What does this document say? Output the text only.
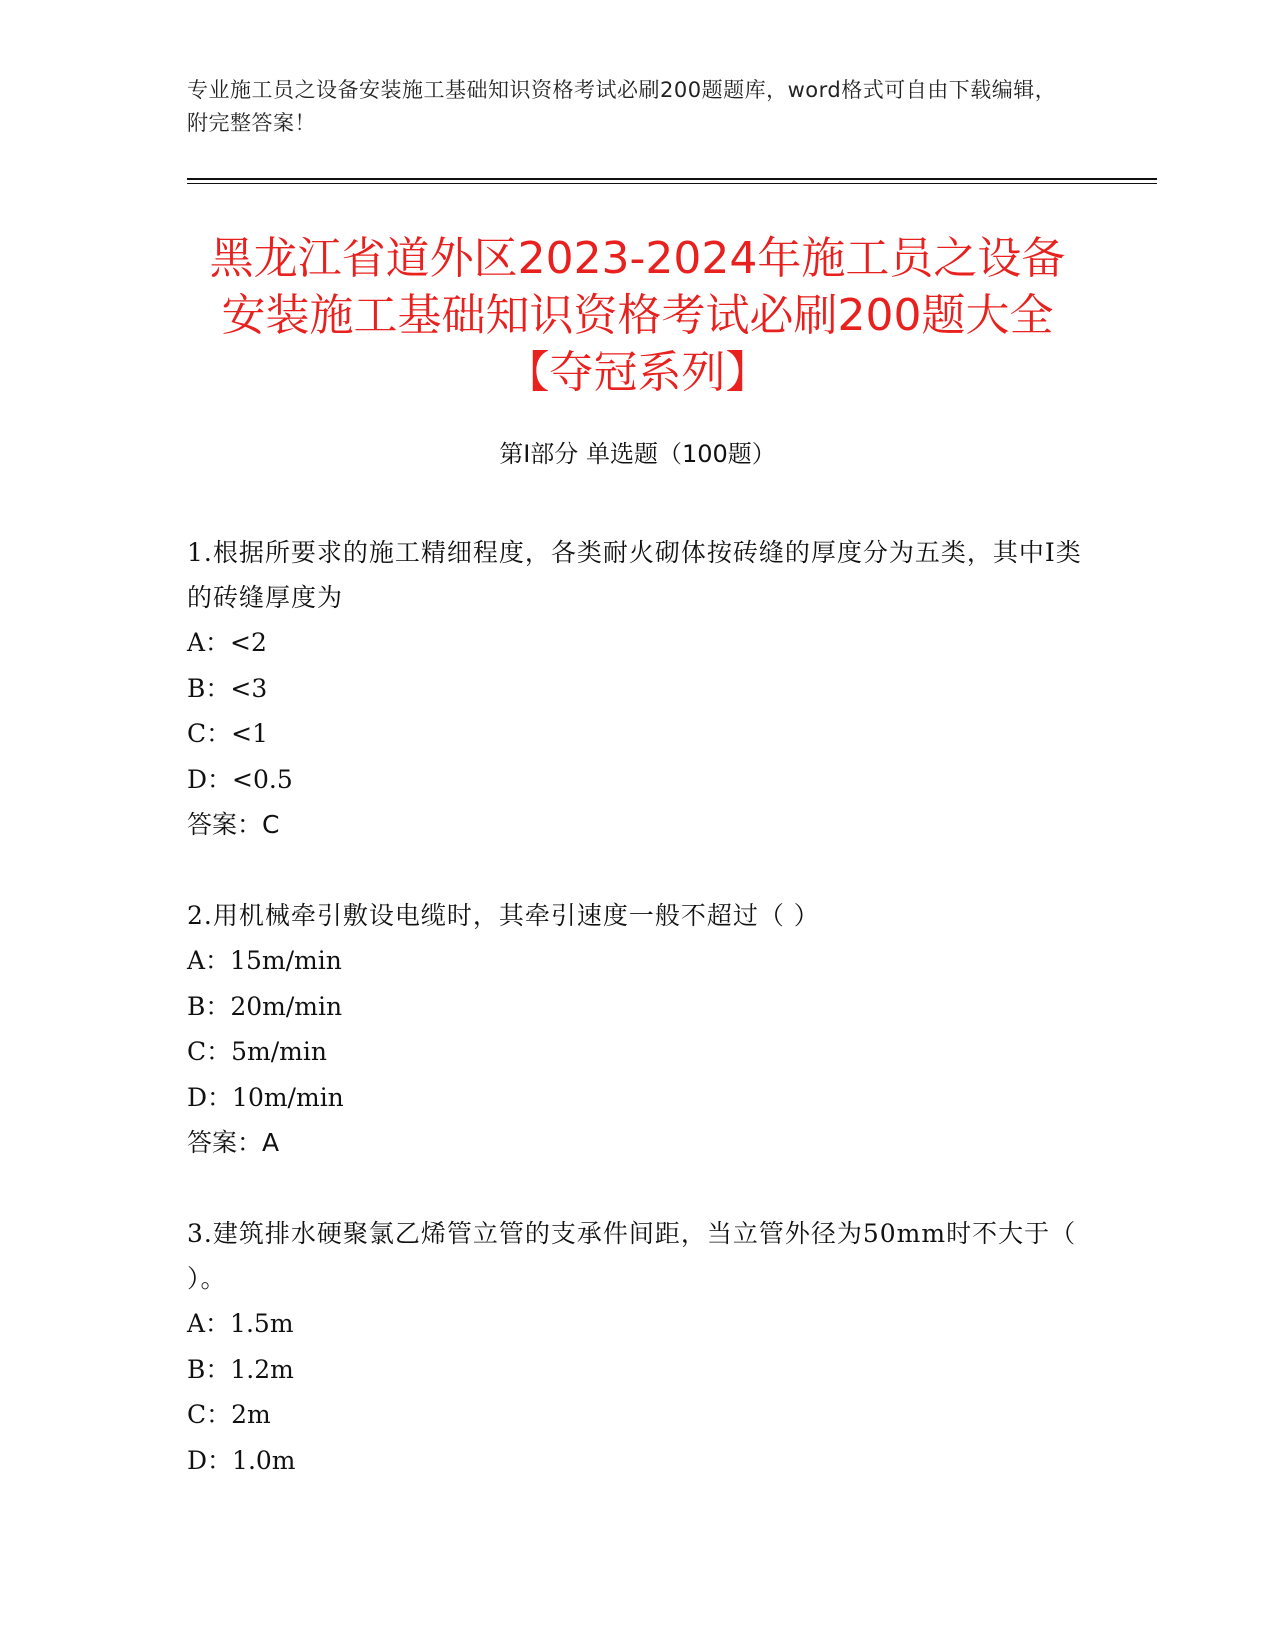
专业施工员之设备安装施工基础知识资格考试必刷200题题库，word格式可自由下载编辑，附完整答案！
黑龙江省道外区2023-2024年施工员之设备
安装施工基础知识资格考试必刷200题大全
【夺冠系列】
第I部分 单选题（100题）
1.根据所要求的施工精细程度，各类耐火砌体按砖缝的厚度分为五类，其中Ⅰ类的砖缝厚度为
A：<2
B：<3
C：<1
D：<0.5
答案：C
2.用机械牵引敷设电缆时，其牵引速度一般不超过（ ）
A：15m/min
B：20m/min
C：5m/min
D：10m/min
答案：A
3.建筑排水硬聚氯乙烯管立管的支承件间距，当立管外径为50mm时不大于（ ）。
A：1.5m
B：1.2m
C：2m
D：1.0m
